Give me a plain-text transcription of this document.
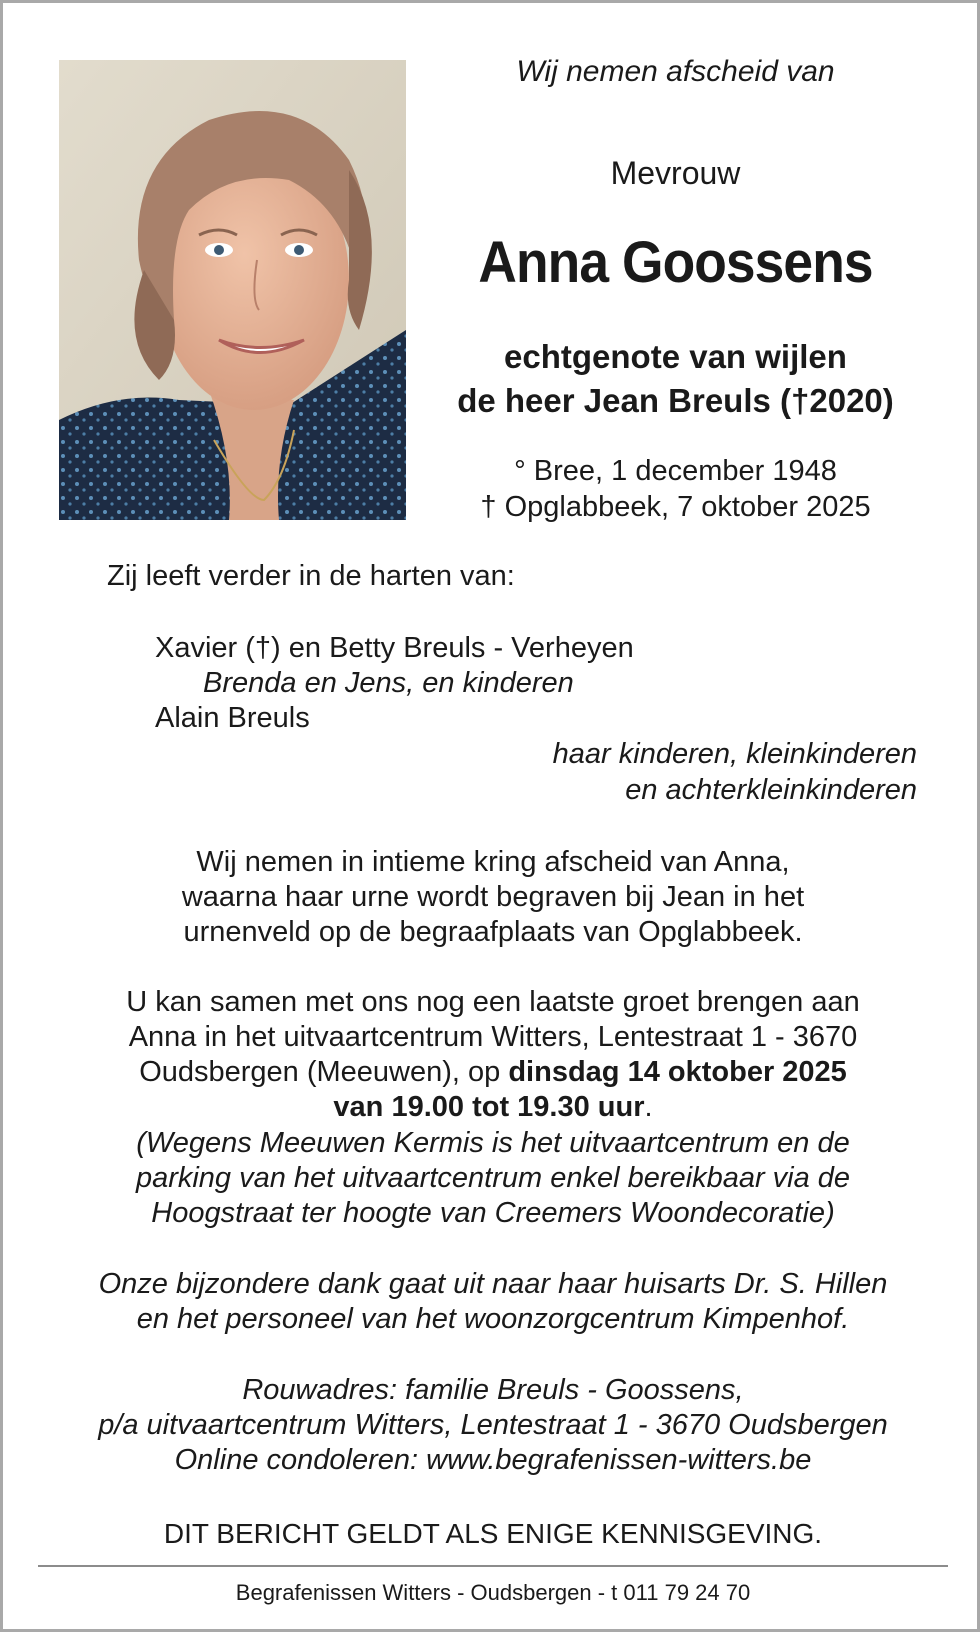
Wij nemen afscheid van
Mevrouw
Anna Goossens
echtgenote van wijlen
de heer Jean Breuls (†2020)
° Bree, 1 december 1948
† Opglabbeek, 7 oktober 2025
Zij leeft verder in de harten van:
Xavier (†) en Betty Breuls - Verheyen
Brenda en Jens, en kinderen
Alain Breuls
haar kinderen, kleinkinderen
en achterkleinkinderen
Wij nemen in intieme kring afscheid van Anna,
waarna haar urne wordt begraven bij Jean in het
urnenveld op de begraafplaats van Opglabbeek.
U kan samen met ons nog een laatste groet brengen aan
Anna in het uitvaartcentrum Witters, Lentestraat 1 - 3670
Oudsbergen (Meeuwen), op dinsdag 14 oktober 2025
van 19.00 tot 19.30 uur.
(Wegens Meeuwen Kermis is het uitvaartcentrum en de
parking van het uitvaartcentrum enkel bereikbaar via de
Hoogstraat ter hoogte van Creemers Woondecoratie)
Onze bijzondere dank gaat uit naar haar huisarts Dr. S. Hillen
en het personeel van het woonzorgcentrum Kimpenhof.
Rouwadres: familie Breuls - Goossens,
p/a uitvaartcentrum Witters, Lentestraat 1 - 3670 Oudsbergen
Online condoleren: www.begrafenissen-witters.be
DIT BERICHT GELDT ALS ENIGE KENNISGEVING.
Begrafenissen Witters - Oudsbergen - t 011 79 24 70
